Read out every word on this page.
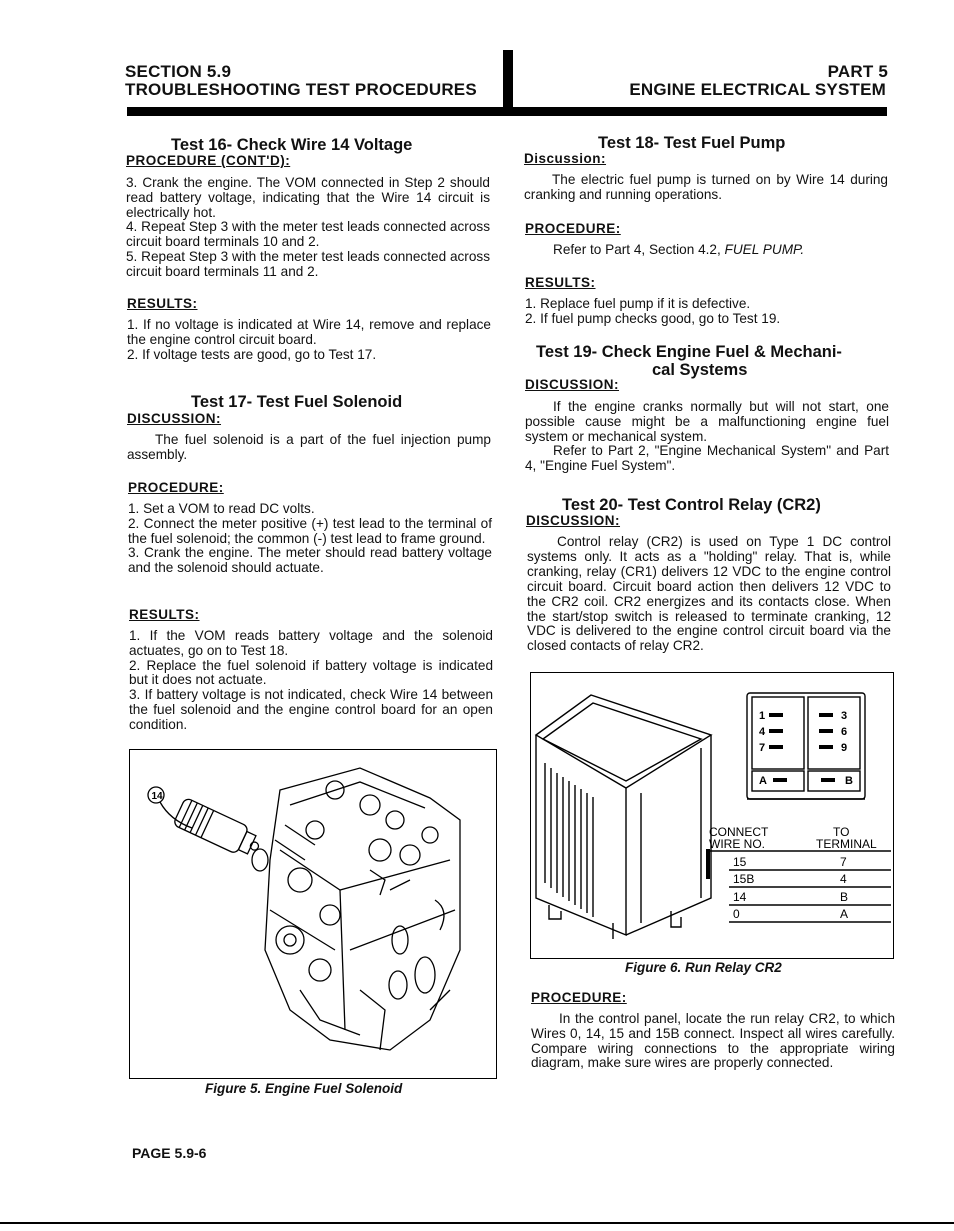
SECTION 5.9
TROUBLESHOOTING TEST PROCEDURES
PART 5
ENGINE ELECTRICAL SYSTEM
Test 16- Check Wire 14 Voltage
PROCEDURE (CONT'D):
3. Crank the engine. The VOM connected in Step 2 should read battery voltage, indicating that the Wire 14 circuit is electrically hot.
4. Repeat Step 3 with the meter test leads connected across circuit board terminals 10 and 2.
5. Repeat Step 3 with the meter test leads connected across circuit board terminals 11 and 2.
RESULTS:
1. If no voltage is indicated at Wire 14, remove and replace the engine control circuit board.
2. If voltage tests are good, go to Test 17.
Test 17- Test Fuel Solenoid
DISCUSSION:
The fuel solenoid is a part of the fuel injection pump assembly.
PROCEDURE:
1. Set a VOM to read DC volts.
2. Connect the meter positive (+) test lead to the terminal of the fuel solenoid; the common (-) test lead to frame ground.
3. Crank the engine. The meter should read battery voltage and the solenoid should actuate.
RESULTS:
1. If the VOM reads battery voltage and the solenoid actuates, go on to Test 18.
2. Replace the fuel solenoid if battery voltage is indicated but it does not actuate.
3. If battery voltage is not indicated, check Wire 14 between the fuel solenoid and the engine control board for an open condition.
14
Figure 5. Engine Fuel Solenoid
Test 18- Test Fuel Pump
Discussion:
The electric fuel pump is turned on by Wire 14 during cranking and running operations.
PROCEDURE:
Refer to Part 4, Section 4.2, FUEL PUMP.
RESULTS:
1. Replace fuel pump if it is defective.
2. If fuel pump checks good, go to Test 19.
Test 19- Check Engine Fuel & Mechani-
cal Systems
DISCUSSION:
If the engine cranks normally but will not start, one possible cause might be a malfunctioning engine fuel system or mechanical system.
Refer to Part 2, "Engine Mechanical System" and Part 4, "Engine Fuel System".
Test 20- Test Control Relay (CR2)
DISCUSSION:
Control relay (CR2) is used on Type 1 DC control systems only. It acts as a "holding" relay. That is, while cranking, relay (CR1) delivers 12 VDC to the engine control circuit board. Circuit board action then delivers 12 VDC to the CR2 coil. CR2 energizes and its contacts close. When the start/stop switch is released to terminate cranking, 12 VDC is delivered to the engine control circuit board via the closed contacts of relay CR2.
1
4
7
3
6
9
A	B
CONNECT
WIRE NO.
TO
TERMINAL
15	7
15B	4
14	B
0	A
Figure 6. Run Relay CR2
PROCEDURE:
In the control panel, locate the run relay CR2, to which Wires 0, 14, 15 and 15B connect. Inspect all wires carefully. Compare wiring connections to the appropriate wiring diagram, make sure wires are properly connected.
PAGE 5.9-6
